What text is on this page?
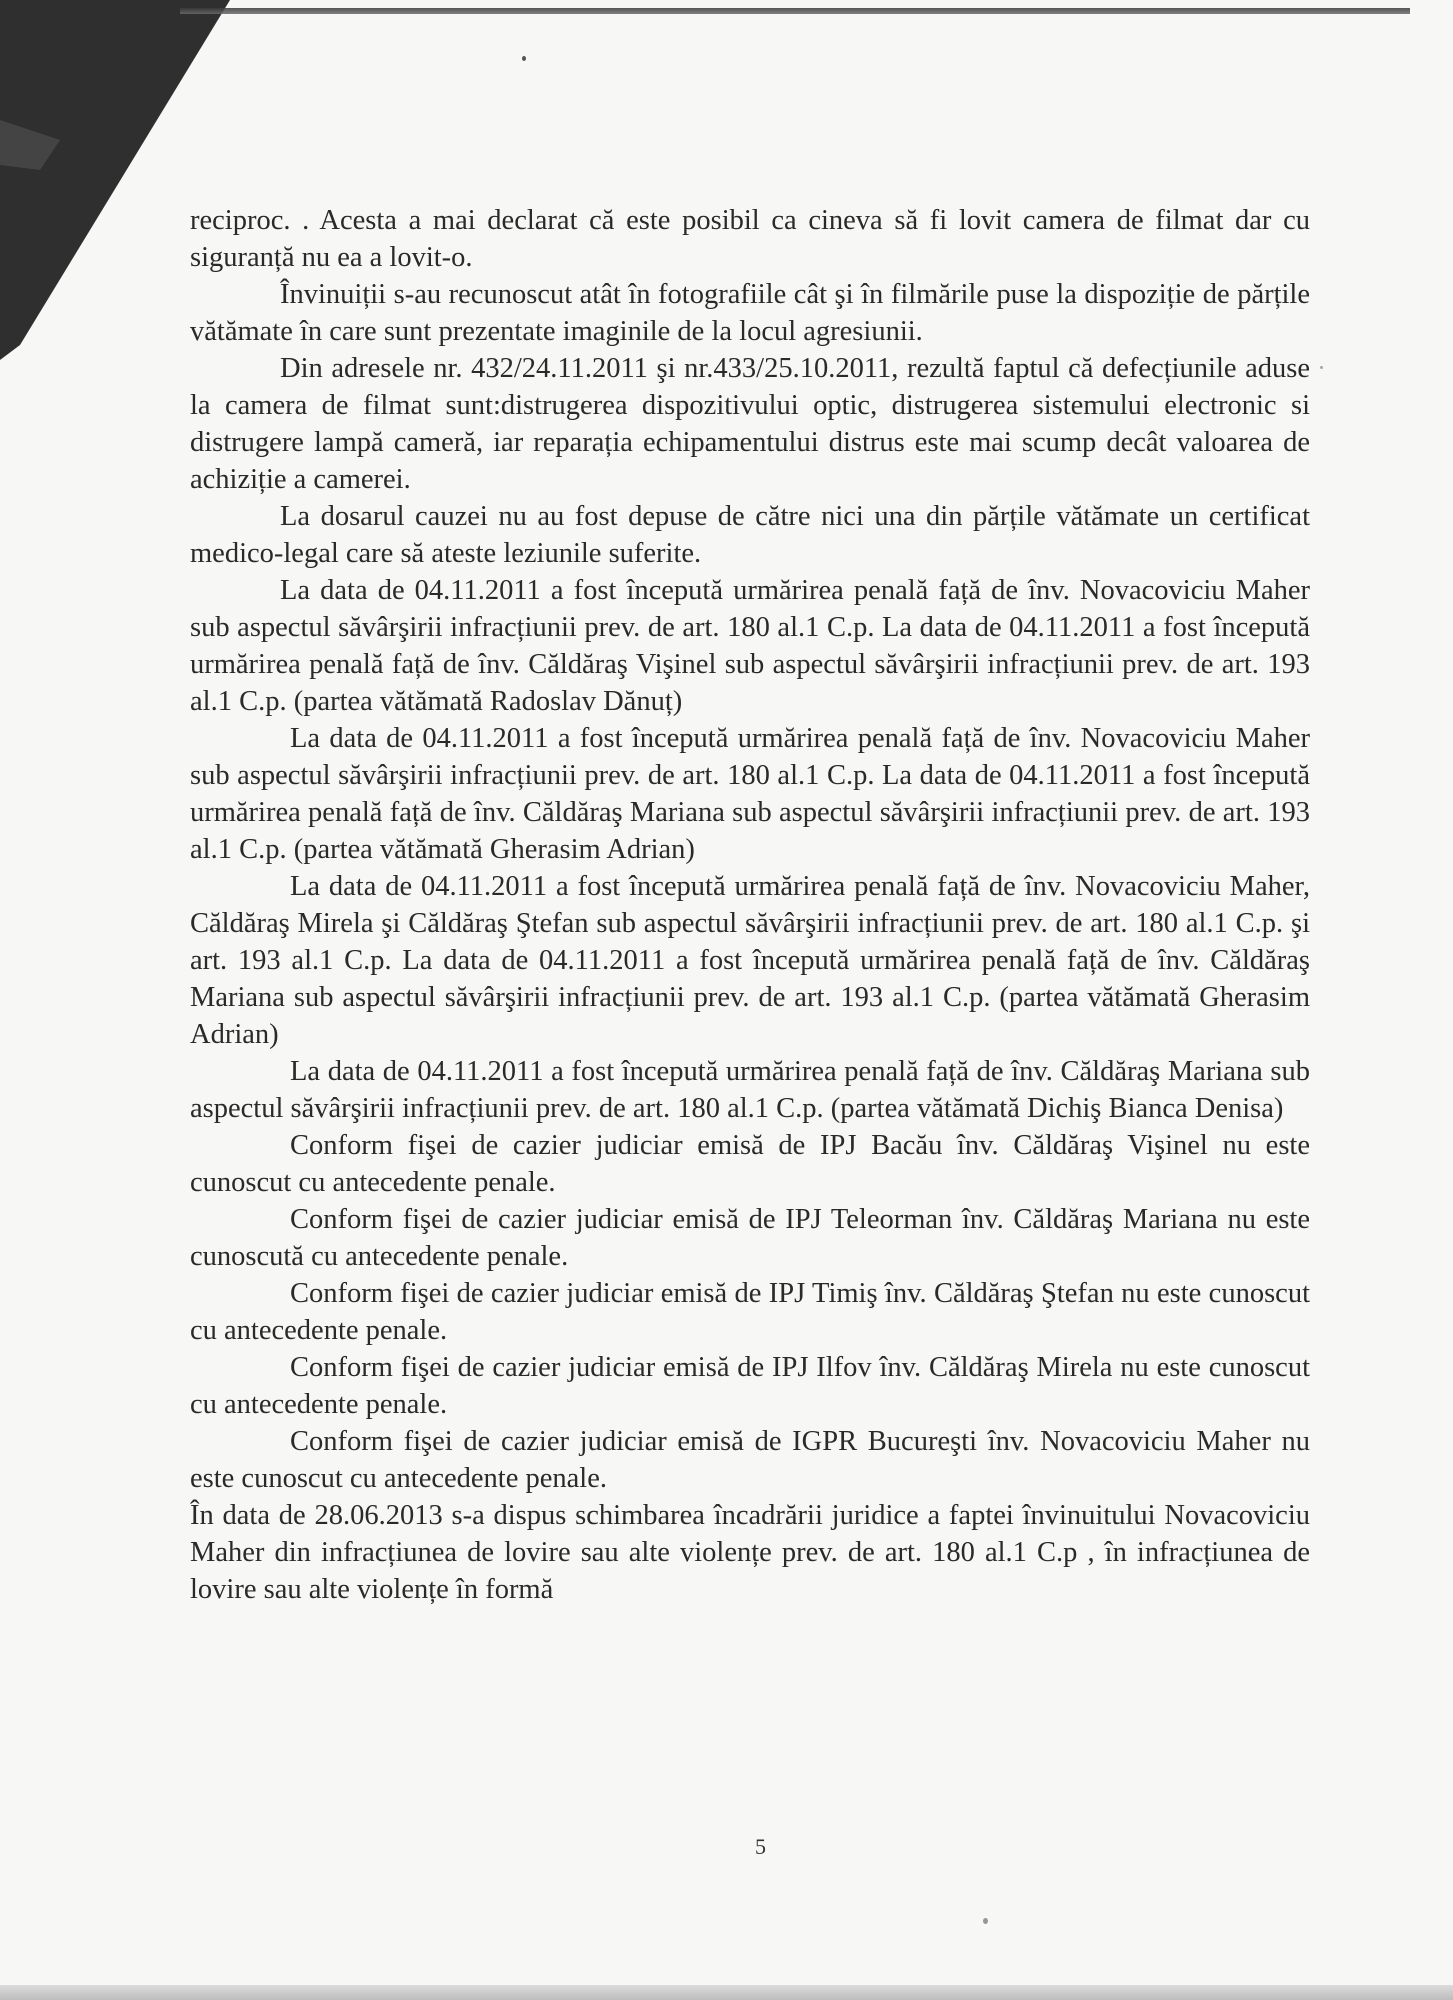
reciproc. . Acesta a mai declarat că este posibil ca cineva să fi lovit camera de filmat dar cu siguranță nu ea a lovit-o.

Învinuiții s-au recunoscut atât în fotografiile cât şi în filmările puse la dispoziție de părțile vătămate în care sunt prezentate imaginile de la locul agresiunii.

Din adresele nr. 432/24.11.2011 şi nr.433/25.10.2011, rezultă faptul că defecțiunile aduse la camera de filmat sunt:distrugerea dispozitivului optic, distrugerea sistemului electronic si distrugere lampă cameră, iar reparația echipamentului distrus este mai scump decât valoarea de achiziție a camerei.

La dosarul cauzei nu au fost depuse de către nici una din părțile vătămate un certificat medico-legal care să ateste leziunile suferite.

La data de 04.11.2011 a fost începută urmărirea penală față de înv. Novacoviciu Maher sub aspectul săvârşirii infracțiunii prev. de art. 180 al.1 C.p. La data de 04.11.2011 a fost începută urmărirea penală față de înv. Căldăraş Vişinel sub aspectul săvârşirii infracțiunii prev. de art. 193 al.1 C.p. (partea vătămată Radoslav Dănuț)

La data de 04.11.2011 a fost începută urmărirea penală față de înv. Novacoviciu Maher sub aspectul săvârşirii infracțiunii prev. de art. 180 al.1 C.p. La data de 04.11.2011 a fost începută urmărirea penală față de înv. Căldăraş Mariana sub aspectul săvârşirii infracțiunii prev. de art. 193 al.1 C.p. (partea vătămată Gherasim Adrian)

La data de 04.11.2011 a fost începută urmărirea penală față de înv. Novacoviciu Maher, Căldăraş Mirela şi Căldăraş Ştefan sub aspectul săvârşirii infracțiunii prev. de art. 180 al.1 C.p. şi art. 193 al.1 C.p. La data de 04.11.2011 a fost începută urmărirea penală față de înv. Căldăraş Mariana sub aspectul săvârşirii infracțiunii prev. de art. 193 al.1 C.p. (partea vătămată Gherasim Adrian)

La data de 04.11.2011 a fost începută urmărirea penală față de înv. Căldăraş Mariana sub aspectul săvârşirii infracțiunii prev. de art. 180 al.1 C.p. (partea vătămată Dichiş Bianca Denisa)

Conform fişei de cazier judiciar emisă de IPJ Bacău înv. Căldăraş Vişinel nu este cunoscut cu antecedente penale.

Conform fişei de cazier judiciar emisă de IPJ Teleorman înv. Căldăraş Mariana nu este cunoscută cu antecedente penale.

Conform fişei de cazier judiciar emisă de IPJ Timiş înv. Căldăraş Ştefan nu este cunoscut cu antecedente penale.

Conform fişei de cazier judiciar emisă de IPJ Ilfov înv. Căldăraş Mirela nu este cunoscut cu antecedente penale.

Conform fişei de cazier judiciar emisă de IGPR Bucureşti înv. Novacoviciu Maher nu este cunoscut cu antecedente penale.

În data de 28.06.2013 s-a dispus schimbarea încadrării juridice a faptei învinuitului Novacoviciu Maher din infracțiunea de lovire sau alte violențe prev. de art. 180 al.1 C.p , în infracțiunea de lovire sau alte violențe în formă

5
